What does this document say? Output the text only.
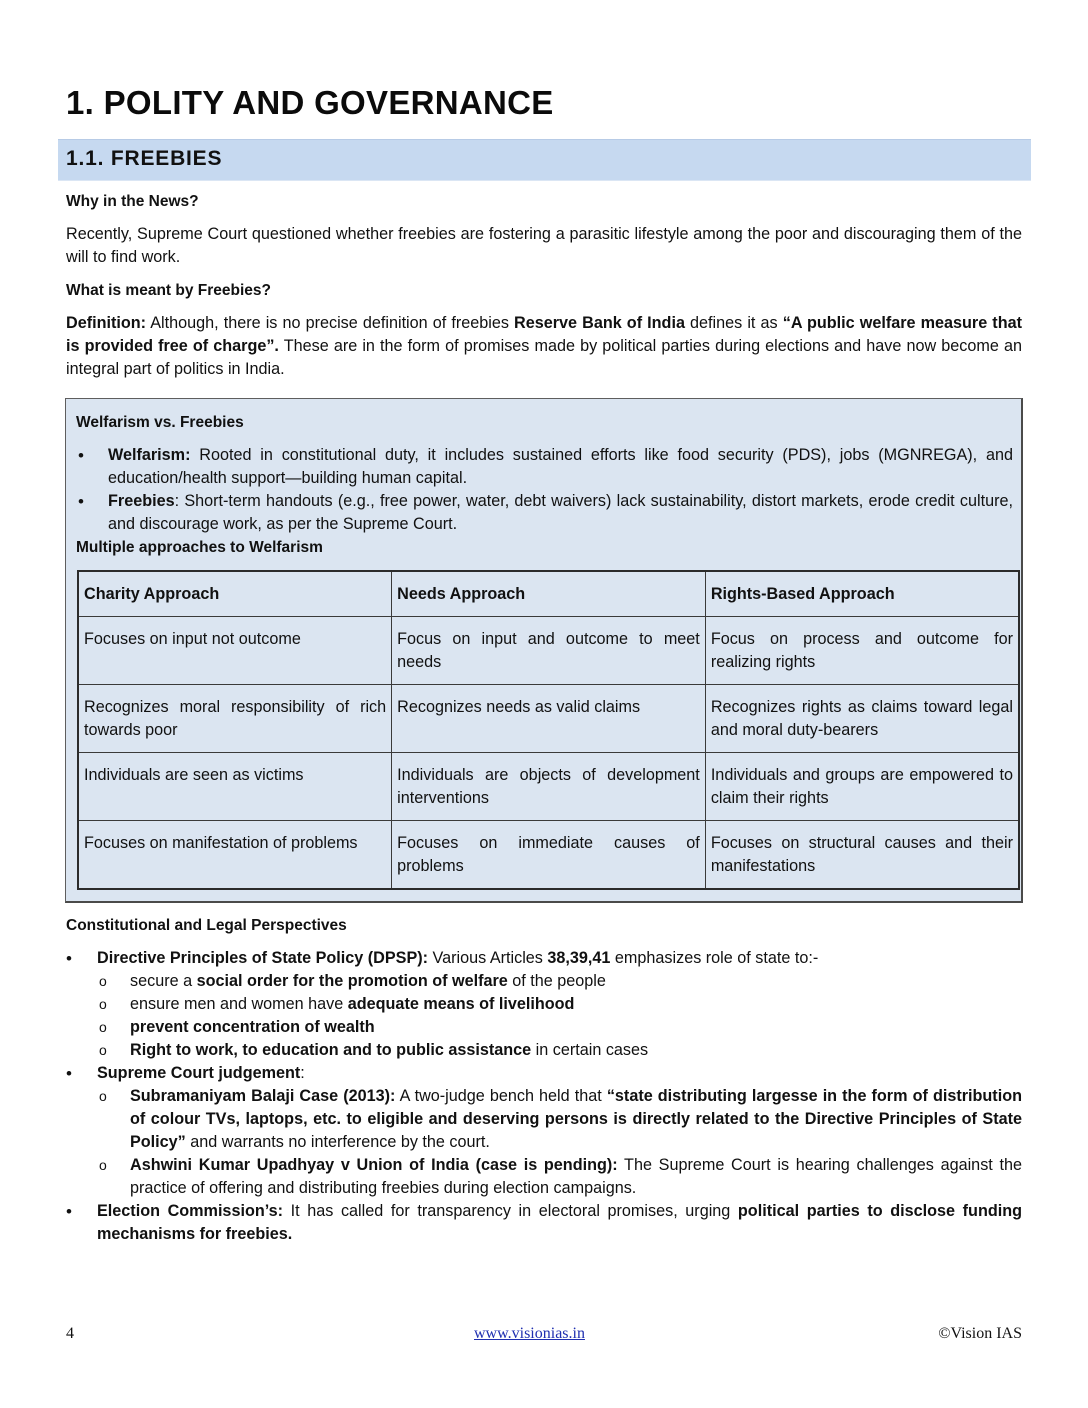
1. POLITY AND GOVERNANCE
1.1. FREEBIES
Why in the News?
Recently, Supreme Court questioned whether freebies are fostering a parasitic lifestyle among the poor and discouraging them of the will to find work.
What is meant by Freebies?
Definition: Although, there is no precise definition of freebies Reserve Bank of India defines it as “A public welfare measure that is provided free of charge”. These are in the form of promises made by political parties during elections and have now become an integral part of politics in India.
Welfarism vs. Freebies
• Welfarism: Rooted in constitutional duty, it includes sustained efforts like food security (PDS), jobs (MGNREGA), and education/health support—building human capital.
• Freebies: Short-term handouts (e.g., free power, water, debt waivers) lack sustainability, distort markets, erode credit culture, and discourage work, as per the Supreme Court.
Multiple approaches to Welfarism
Charity Approach	Needs Approach	Rights-Based Approach
Focuses on input not outcome	Focus on input and outcome to meet needs	Focus on process and outcome for realizing rights
Recognizes moral responsibility of rich towards poor	Recognizes needs as valid claims	Recognizes rights as claims toward legal and moral duty-bearers
Individuals are seen as victims	Individuals are objects of development interventions	Individuals and groups are empowered to claim their rights
Focuses on manifestation of problems	Focuses on immediate causes of problems	Focuses on structural causes and their manifestations
Constitutional and Legal Perspectives
• Directive Principles of State Policy (DPSP): Various Articles 38,39,41 emphasizes role of state to:-
o secure a social order for the promotion of welfare of the people
o ensure men and women have adequate means of livelihood
o prevent concentration of wealth
o Right to work, to education and to public assistance in certain cases
• Supreme Court judgement:
o Subramaniyam Balaji Case (2013): A two-judge bench held that “state distributing largesse in the form of distribution of colour TVs, laptops, etc. to eligible and deserving persons is directly related to the Directive Principles of State Policy” and warrants no interference by the court.
o Ashwini Kumar Upadhyay v Union of India (case is pending): The Supreme Court is hearing challenges against the practice of offering and distributing freebies during election campaigns.
• Election Commission’s: It has called for transparency in electoral promises, urging political parties to disclose funding mechanisms for freebies.
4	www.visionias.in	©Vision IAS
